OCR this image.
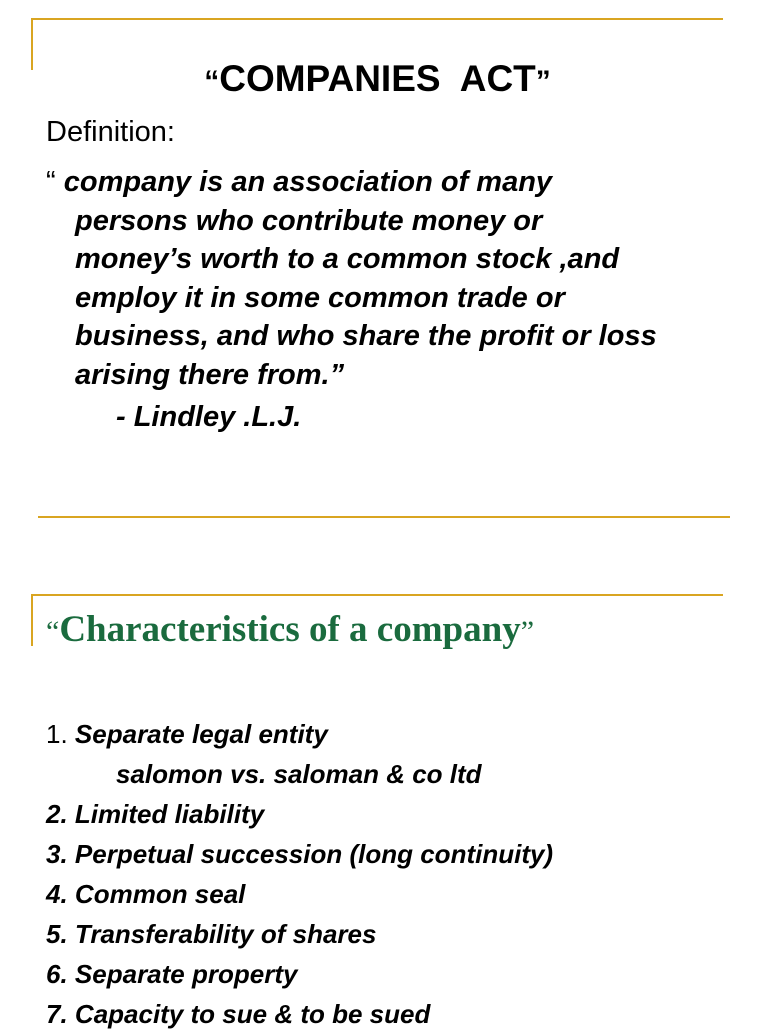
“COMPANIES  ACT”
Definition:
“ company is an association of many
persons who contribute money or
money’s worth to a common stock ,and
employ it in some common trade or
business, and who share the profit or loss
arising there from.”
- Lindley .L.J.
“Characteristics of a company”
1. Separate legal entity
salomon vs. saloman & co ltd
2. Limited liability
3. Perpetual succession (long continuity)
4. Common seal
5. Transferability of shares
6. Separate property
7. Capacity to sue & to be sued
